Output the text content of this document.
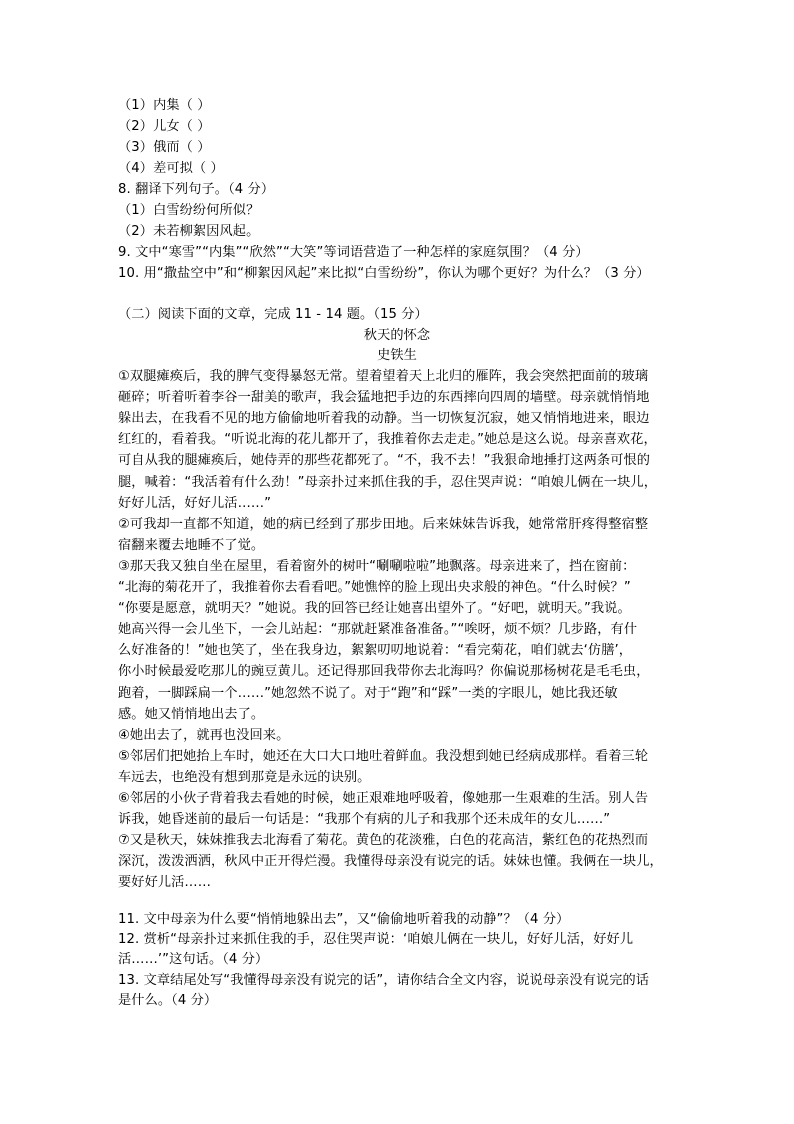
（1）内集（ ）
（2）儿女（ ）
（3）俄而（ ）
（4）差可拟（ ）
8. 翻译下列句子。（4 分）
（1）白雪纷纷何所似？
（2）未若柳絮因风起。
9. 文中“寒雪”“内集”“欣然”“大笑”等词语营造了一种怎样的家庭氛围？（4 分）
10. 用“撒盐空中”和“柳絮因风起”来比拟“白雪纷纷”，你认为哪个更好？为什么？（3 分）
（二）阅读下面的文章，完成 11 - 14 题。（15 分）
秋天的怀念
史铁生
①双腿瘫痪后，我的脾气变得暴怒无常。望着望着天上北归的雁阵，我会突然把面前的玻璃
砸碎；听着听着李谷一甜美的歌声，我会猛地把手边的东西摔向四周的墙壁。母亲就悄悄地
躲出去，在我看不见的地方偷偷地听着我的动静。当一切恢复沉寂，她又悄悄地进来，眼边
红红的，看着我。“听说北海的花儿都开了，我推着你去走走。”她总是这么说。母亲喜欢花，
可自从我的腿瘫痪后，她侍弄的那些花都死了。“不，我不去！”我狠命地捶打这两条可恨的
腿，喊着：“我活着有什么劲！”母亲扑过来抓住我的手，忍住哭声说：“咱娘儿俩在一块儿，
好好儿活，好好儿活……”
②可我却一直都不知道，她的病已经到了那步田地。后来妹妹告诉我，她常常肝疼得整宿整
宿翻来覆去地睡不了觉。
③那天我又独自坐在屋里，看着窗外的树叶“唰唰啦啦”地飘落。母亲进来了，挡在窗前：
“北海的菊花开了，我推着你去看看吧。”她憔悴的脸上现出央求般的神色。“什么时候？”
“你要是愿意，就明天？”她说。我的回答已经让她喜出望外了。“好吧，就明天。”我说。
她高兴得一会儿坐下，一会儿站起：“那就赶紧准备准备。”“唉呀，烦不烦？几步路，有什
么好准备的！”她也笑了，坐在我身边，絮絮叨叨地说着：“看完菊花，咱们就去‘仿膳’，
你小时候最爱吃那儿的豌豆黄儿。还记得那回我带你去北海吗？你偏说那杨树花是毛毛虫，
跑着，一脚踩扁一个……”她忽然不说了。对于“跑”和“踩”一类的字眼儿，她比我还敏
感。她又悄悄地出去了。
④她出去了，就再也没回来。
⑤邻居们把她抬上车时，她还在大口大口地吐着鲜血。我没想到她已经病成那样。看着三轮
车远去，也绝没有想到那竟是永远的诀别。
⑥邻居的小伙子背着我去看她的时候，她正艰难地呼吸着，像她那一生艰难的生活。别人告
诉我，她昏迷前的最后一句话是：“我那个有病的儿子和我那个还未成年的女儿……”
⑦又是秋天，妹妹推我去北海看了菊花。黄色的花淡雅，白色的花高洁，紫红色的花热烈而
深沉，泼泼洒洒，秋风中正开得烂漫。我懂得母亲没有说完的话。妹妹也懂。我俩在一块儿，
要好好儿活……
11. 文中母亲为什么要“悄悄地躲出去”，又“偷偷地听着我的动静”？（4 分）
12. 赏析“母亲扑过来抓住我的手，忍住哭声说：‘咱娘儿俩在一块儿，好好儿活，好好儿
活……’”这句话。（4 分）
13. 文章结尾处写“我懂得母亲没有说完的话”，请你结合全文内容，说说母亲没有说完的话
是什么。（4 分）
